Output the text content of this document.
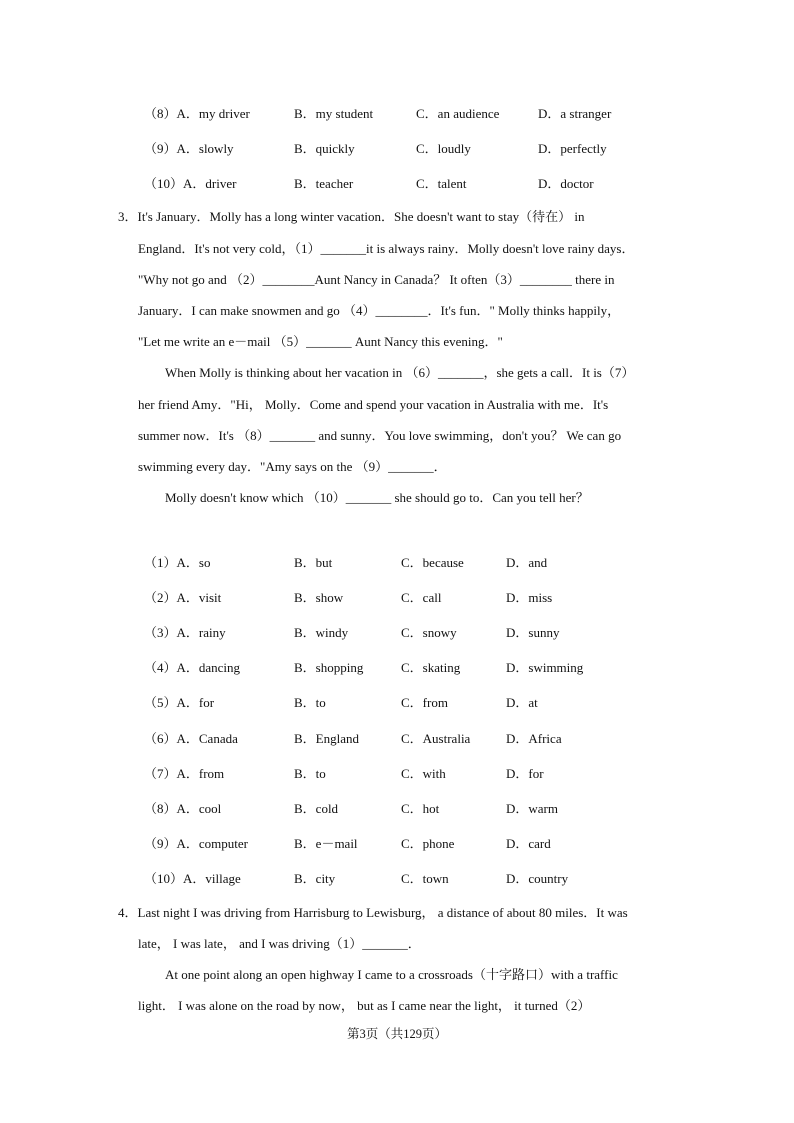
（8）A．my driver	B．my student	C．an audience	D．a stranger
（9）A．slowly	B．quickly	C．loudly	D．perfectly
（10）A．driver	B．teacher	C．talent	D．doctor
3．It's January．Molly has a long winter vacation．She doesn't want to stay（待在） in
England．It's not very cold，（1）_______it is always rainy．Molly doesn't love rainy days．
"Why not go and （2）________Aunt Nancy in Canada？ It often（3）________ there in
January．I can make snowmen and go （4）________．It's fun．" Molly thinks happily，
"Let me write an e－mail （5）_______ Aunt Nancy this evening．"
When Molly is thinking about her vacation in （6）_______，she gets a call．It is（7）
her friend Amy．"Hi， Molly．Come and spend your vacation in Australia with me．It's
summer now．It's （8）_______ and sunny．You love swimming，don't you？ We can go
swimming every day．"Amy says on the （9）_______．
Molly doesn't know which （10）_______ she should go to．Can you tell her？
（1）A．so	B．but	C．because	D．and
（2）A．visit	B．show	C．call	D．miss
（3）A．rainy	B．windy	C．snowy	D．sunny
（4）A．dancing	B．shopping	C．skating	D．swimming
（5）A．for	B．to	C．from	D．at
（6）A．Canada	B．England	C．Australia	D．Africa
（7）A．from	B．to	C．with	D．for
（8）A．cool	B．cold	C．hot	D．warm
（9）A．computer	B．e－mail	C．phone	D．card
（10）A．village	B．city	C．town	D．country
4．Last night I was driving from Harrisburg to Lewisburg， a distance of about 80 miles．It was
late， I was late， and I was driving（1）_______．
At one point along an open highway I came to a crossroads（十字路口）with a traffic
light． I was alone on the road by now， but as I came near the light， it turned（2）
第3页（共129页）
